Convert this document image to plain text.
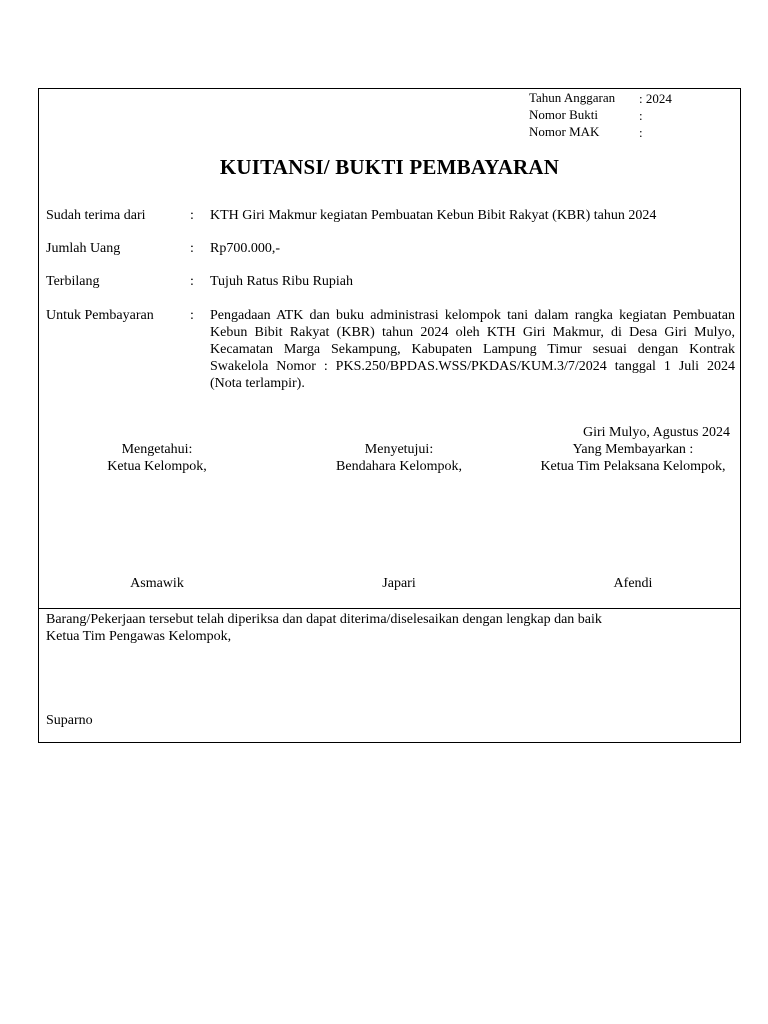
Tahun Anggaran : 2024
Nomor Bukti	:
Nomor MAK	:
KUITANSI/ BUKTI PEMBAYARAN
Sudah terima dari	: KTH Giri Makmur kegiatan Pembuatan Kebun Bibit Rakyat (KBR) tahun 2024
Jumlah Uang	: Rp700.000,-
Terbilang	: Tujuh Ratus Ribu Rupiah
Untuk Pembayaran	: Pengadaan ATK dan buku administrasi kelompok tani dalam rangka kegiatan Pembuatan Kebun Bibit Rakyat (KBR) tahun 2024 oleh KTH Giri Makmur, di Desa Giri Mulyo, Kecamatan Marga Sekampung, Kabupaten Lampung Timur sesuai dengan Kontrak Swakelola Nomor : PKS.250/BPDAS.WSS/PKDAS/KUM.3/7/2024 tanggal 1 Juli 2024 (Nota terlampir).
Giri Mulyo, Agustus 2024
Mengetahui:
Ketua Kelompok,
Asmawik
Menyetujui:
Bendahara Kelompok,
Japari
Yang Membayarkan :
Ketua Tim Pelaksana Kelompok,
Afendi
Barang/Pekerjaan tersebut telah diperiksa dan dapat diterima/diselesaikan dengan lengkap dan baik
Ketua Tim Pengawas Kelompok,
Suparno
